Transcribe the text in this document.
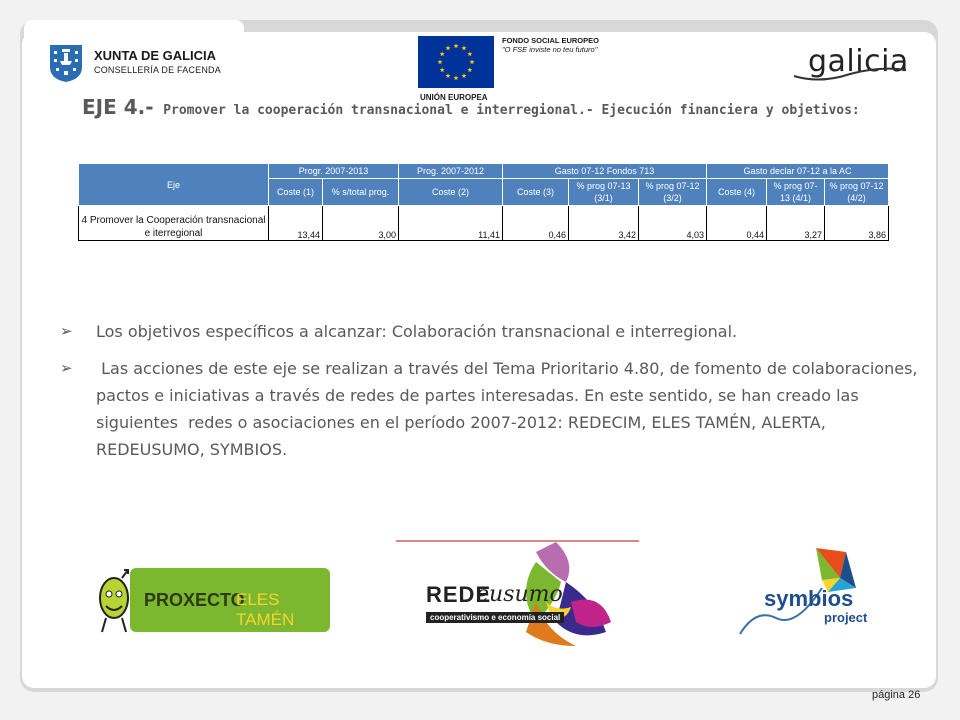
XUNTA DE GALICIA
CONSELLERÍA DE FACENDA
UNIÓN EUROPEA
FONDO SOCIAL EUROPEO
"O FSE inviste no teu futuro"	galicia
EJE 4.- Promover la cooperación transnacional e interregional.- Ejecución financiera y objetivos:
Eje	Progr. 2007-2013		Prog. 2007-2012	Gasto 07-12 Fondos 713			Gasto declar 07-12 a la AC		
	Coste (1)	% s/total prog.	Coste (2)	Coste (3)	% prog 07-13 (3/1)	% prog 07-12 (3/2)	Coste (4)	% prog 07-13 (4/1)	% prog 07-12 (4/2)
4 Promover la Cooperación transnacional e iterregional	13,44	3,00	11,41	0,46	3,42	4,03	0,44	3,27	3,86
➢ Los objetivos específicos a alcanzar: Colaboración transnacional e interregional.
➢ Las acciones de este eje se realizan a través del Tema Prioritario 4.80, de fomento de colaboraciones, pactos e iniciativas a través de redes de partes interesadas. En este sentido, se han creado las siguientes  redes o asociaciones en el período 2007-2012: REDECIM, ELES TAMÉN, ALERTA, REDEUSUMO, SYMBIOS.
PROXECTO
ELES TAMÉN
REDE
eusumo
cooperativismo e economía social
symbios
project
página 26
